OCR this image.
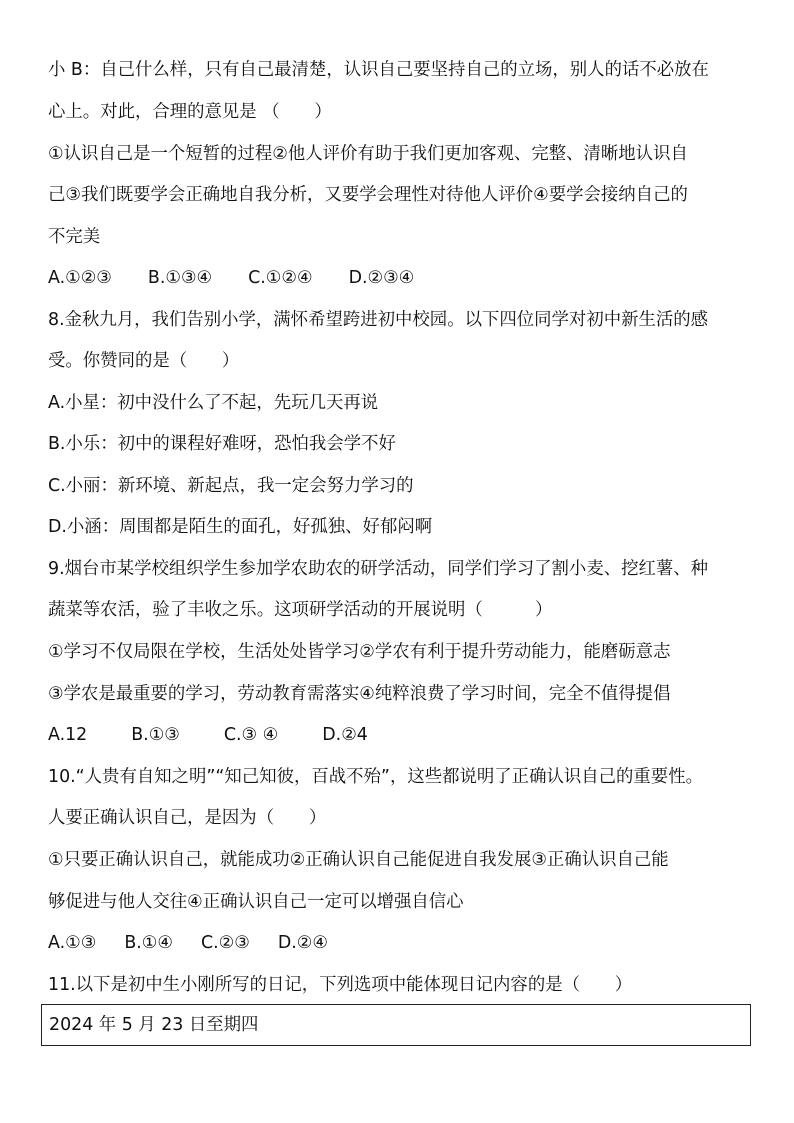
小 B：自己什么样，只有自己最清楚，认识自己要坚持自己的立场，别人的话不必放在
心上。对此，合理的意见是 （　　）
①认识自己是一个短暂的过程②他人评价有助于我们更加客观、完整、清晰地认识自
己③我们既要学会正确地自我分析，又要学会理性对待他人评价④要学会接纳自己的
不完美
A.①②③ B.①③④ C.①②④ D.②③④
8.金秋九月，我们告别小学，满怀希望跨进初中校园。以下四位同学对初中新生活的感
受。你赞同的是（　　）
A.小星：初中没什么了不起，先玩几天再说
B.小乐：初中的课程好难呀，恐怕我会学不好
C.小丽：新环境、新起点，我一定会努力学习的
D.小涵：周围都是陌生的面孔，好孤独、好郁闷啊
9.烟台市某学校组织学生参加学农助农的研学活动，同学们学习了割小麦、挖红薯、种
蔬菜等农活，验了丰收之乐。这项研学活动的开展说明（　　　）
①学习不仅局限在学校，生活处处皆学习②学农有利于提升劳动能力，能磨砺意志
③学农是最重要的学习，劳动教育需落实④纯粹浪费了学习时间，完全不值得提倡
A.12	B.①③	C.③ ④	D.②4
10.“人贵有自知之明”“知己知彼，百战不殆”，这些都说明了正确认识自己的重要性。
人要正确认识自己，是因为（　　）
①只要正确认识自己，就能成功②正确认识自己能促进自我发展③正确认识自己能
够促进与他人交往④正确认识自己一定可以增强自信心
A.①③ B.①④ C.②③ D.②④
11.以下是初中生小刚所写的日记，下列选项中能体现日记内容的是（　　）
2024 年 5 月 23 日至期四
